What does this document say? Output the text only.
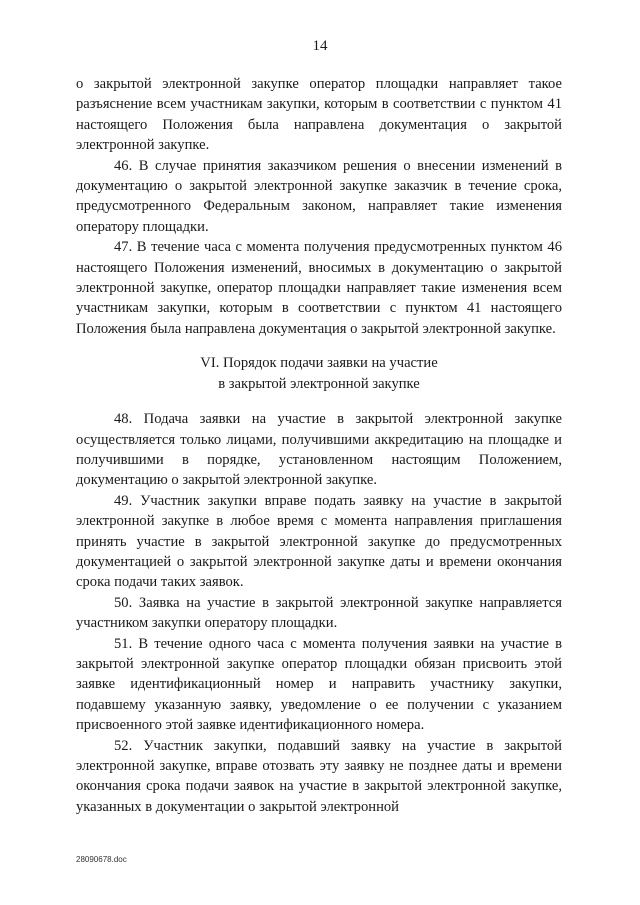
14

о закрытой электронной закупке оператор площадки направляет такое разъяснение всем участникам закупки, которым в соответствии с пунктом 41 настоящего Положения была направлена документация о закрытой электронной закупке.

46. В случае принятия заказчиком решения о внесении изменений в документацию о закрытой электронной закупке заказчик в течение срока, предусмотренного Федеральным законом, направляет такие изменения оператору площадки.

47. В течение часа с момента получения предусмотренных пунктом 46 настоящего Положения изменений, вносимых в документацию о закрытой электронной закупке, оператор площадки направляет такие изменения всем участникам закупки, которым в соответствии с пунктом 41 настоящего Положения была направлена документация о закрытой электронной закупке.

VI. Порядок подачи заявки на участие
в закрытой электронной закупке

48. Подача заявки на участие в закрытой электронной закупке осуществляется только лицами, получившими аккредитацию на площадке и получившими в порядке, установленном настоящим Положением, документацию о закрытой электронной закупке.

49. Участник закупки вправе подать заявку на участие в закрытой электронной закупке в любое время с момента направления приглашения принять участие в закрытой электронной закупке до предусмотренных документацией о закрытой электронной закупке даты и времени окончания срока подачи таких заявок.

50. Заявка на участие в закрытой электронной закупке направляется участником закупки оператору площадки.

51. В течение одного часа с момента получения заявки на участие в закрытой электронной закупке оператор площадки обязан присвоить этой заявке идентификационный номер и направить участнику закупки, подавшему указанную заявку, уведомление о ее получении с указанием присвоенного этой заявке идентификационного номера.

52. Участник закупки, подавший заявку на участие в закрытой электронной закупке, вправе отозвать эту заявку не позднее даты и времени окончания срока подачи заявок на участие в закрытой электронной закупке, указанных в документации о закрытой электронной

28090678.doc
